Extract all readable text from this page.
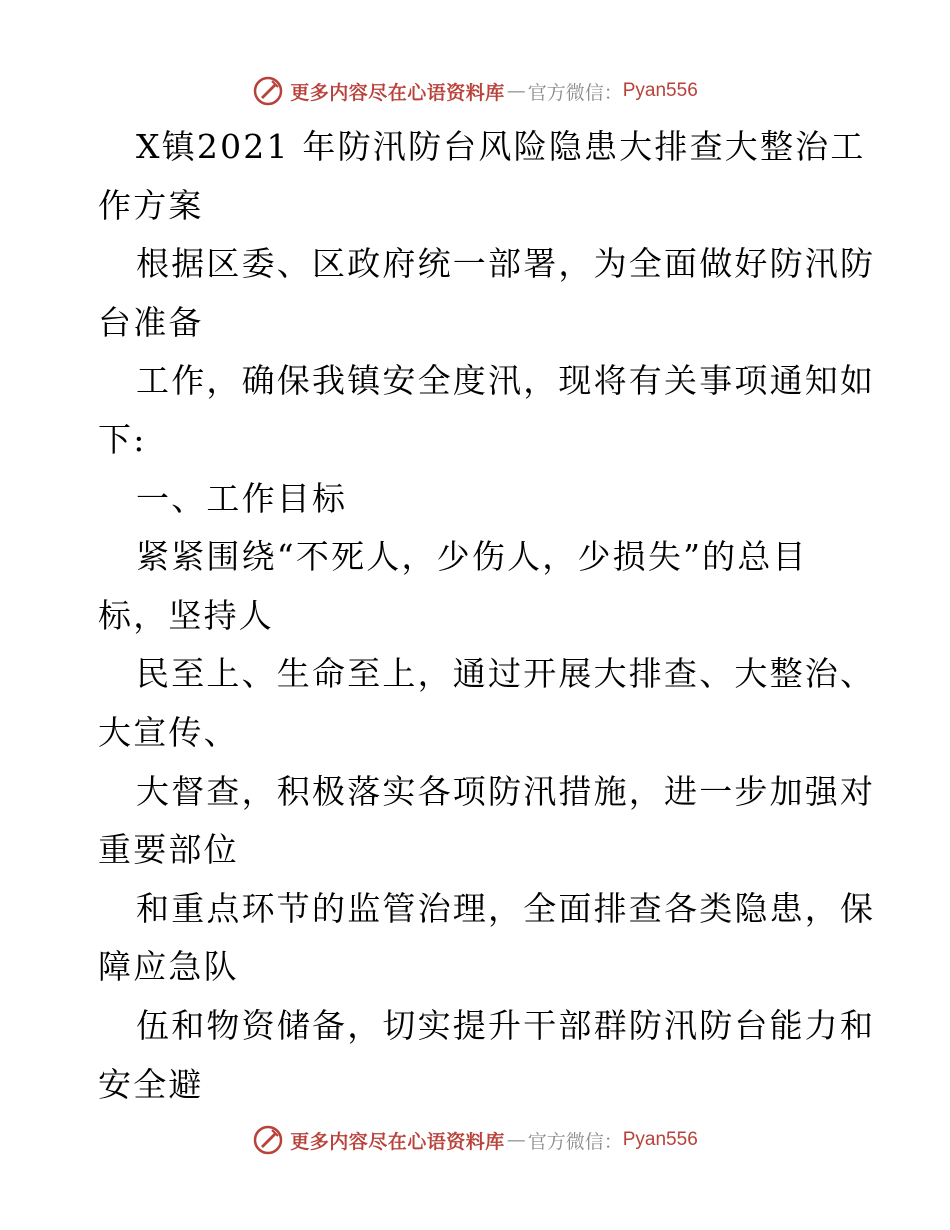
更多内容尽在心语资料库 — 官方微信： Pyan556
X镇2021 年防汛防台风险隐患大排查大整治工
作方案
根据区委、区政府统一部署，为全面做好防汛防
台准备
工作，确保我镇安全度汛，现将有关事项通知如
下:
一、工作目标
紧紧围绕“不死人，少伤人，少损失”的总目
标，坚持人
民至上、生命至上，通过开展大排查、大整治、
大宣传、
大督查，积极落实各项防汛措施，进一步加强对
重要部位
和重点环节的监管治理，全面排查各类隐患，保
障应急队
伍和物资储备，切实提升干部群防汛防台能力和
安全避
更多内容尽在心语资料库 — 官方微信： Pyan556
